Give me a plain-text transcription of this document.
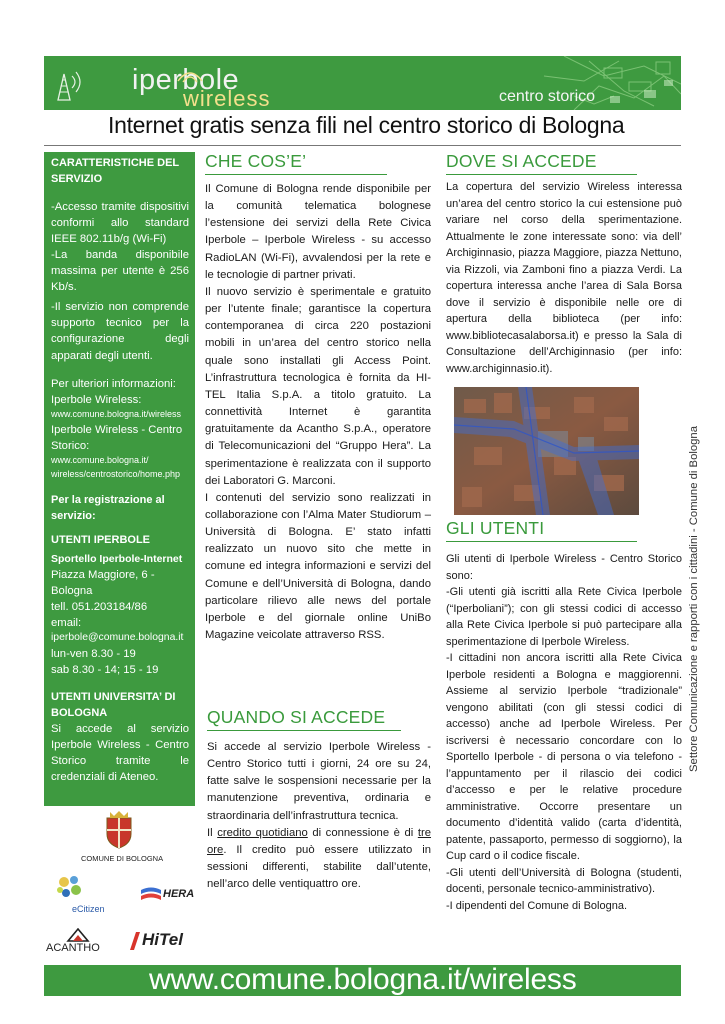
iperbole
wireless	centro storico
Internet gratis senza fili nel centro storico di Bologna

CARATTERISTICHE DEL SERVIZIO

-Accesso tramite dispositivi conformi allo standard IEEE 802.11b/g (Wi-Fi)

-La banda disponibile massima per utente è 256 Kb/s.

-Il servizio non comprende supporto tecnico per la configurazione degli apparati degli utenti.

Per ulteriori informazioni: Iperbole Wireless:

www.comune.bologna.it/wireless

Iperbole Wireless - Centro Storico:

www.comune.bologna.it/

wireless/centrostorico/home.php

Per la registrazione al servizio:

UTENTI IPERBOLE

Sportello Iperbole-Internet

Piazza Maggiore, 6 -

Bologna

tell. 051.203184/86

email:

iperbole@comune.bologna.it

lun-ven 8.30 - 19

sab 8.30 - 14; 15 - 19

UTENTI UNIVERSITA’ DI BOLOGNA

Si accede al servizio Iperbole Wireless - Centro Storico tramite le credenziali di Ateneo.

CHE COS’E’

Il Comune di Bologna rende disponibile per la comunità telematica bolognese l’estensione dei servizi della Rete Civica Iperbole – Iperbole Wireless - su accesso RadioLAN (Wi-Fi), avvalendosi per la rete e le tecnologie di partner privati.

Il nuovo servizio è sperimentale e gratuito per l’utente finale; garantisce la copertura contemporanea di circa 220 postazioni mobili in un’area del centro storico nella quale sono installati gli Access Point. L’infrastruttura tecnologica è fornita da HI-TEL Italia S.p.A. a titolo gratuito. La connettività Internet è garantita gratuitamente da Acantho S.p.A., operatore di Telecomunicazioni del “Gruppo Hera”. La sperimentazione è realizzata con il supporto dei Laboratori G. Marconi.

I contenuti del servizio sono realizzati in collaborazione con l’Alma Mater Studiorum – Università di Bologna. E’ stato infatti realizzato un nuovo sito che mette in comune ed integra informazioni e servizi del Comune e dell’Università di Bologna, dando particolare rilievo alle news del portale Iperbole e del giornale online UniBo Magazine veicolate attraverso RSS.

QUANDO SI ACCEDE

Si accede al servizio Iperbole Wireless - Centro Storico tutti i giorni, 24 ore su 24, fatte salve le sospensioni necessarie per la manutenzione preventiva, ordinaria e straordinaria dell’infrastruttura tecnica.

Il credito quotidiano di connessione è di tre ore. Il credito può essere utilizzato in sessioni differenti, stabilite dall’utente, nell’arco delle ventiquattro ore.

DOVE SI ACCEDE

La copertura del servizio Wireless interessa un’area del centro storico la cui estensione può variare nel corso della sperimentazione. Attualmente le zone interessate sono: via dell’ Archiginnasio, piazza Maggiore, piazza Nettuno, via Rizzoli, via Zamboni fino a piazza Verdi. La copertura interessa anche l’area di Sala Borsa dove il servizio è disponibile nelle ore di apertura della biblioteca (per info: www.bibliotecasalaborsa.it) e presso la Sala di Consultazione dell’Archiginnasio (per info: www.archiginnasio.it).

GLI UTENTI

Gli utenti di Iperbole Wireless - Centro Storico sono:

-Gli utenti già iscritti alla Rete Civica Iperbole (“Iperboliani”); con gli stessi codici di accesso alla Rete Civica Iperbole si può partecipare alla sperimentazione di Iperbole Wireless.

-I cittadini non ancora iscritti alla Rete Civica Iperbole residenti a Bologna e maggiorenni. Assieme al servizio Iperbole “tradizionale” vengono abilitati (con gli stessi codici di accesso) anche ad Iperbole Wireless. Per iscriversi è necessario concordare con lo Sportello Iperbole - di persona o via telefono - l’appuntamento per il rilascio dei codici d’accesso e per le relative procedure amministrative. Occorre presentare un documento d’identità valido (carta d’identità, patente, passaporto, permesso di soggiorno), la Cup card o il codice fiscale.

-Gli utenti dell’Università di Bologna (studenti, docenti, personale tecnico-amministrativo).

-I dipendenti del Comune di Bologna.

Settore Comunicazione e rapporti con i cittadini - Comune di Bologna
COMUNE DI BOLOGNA
eCitizen
HERA
ACANTHO HiTel
www.comune.bologna.it/wireless
